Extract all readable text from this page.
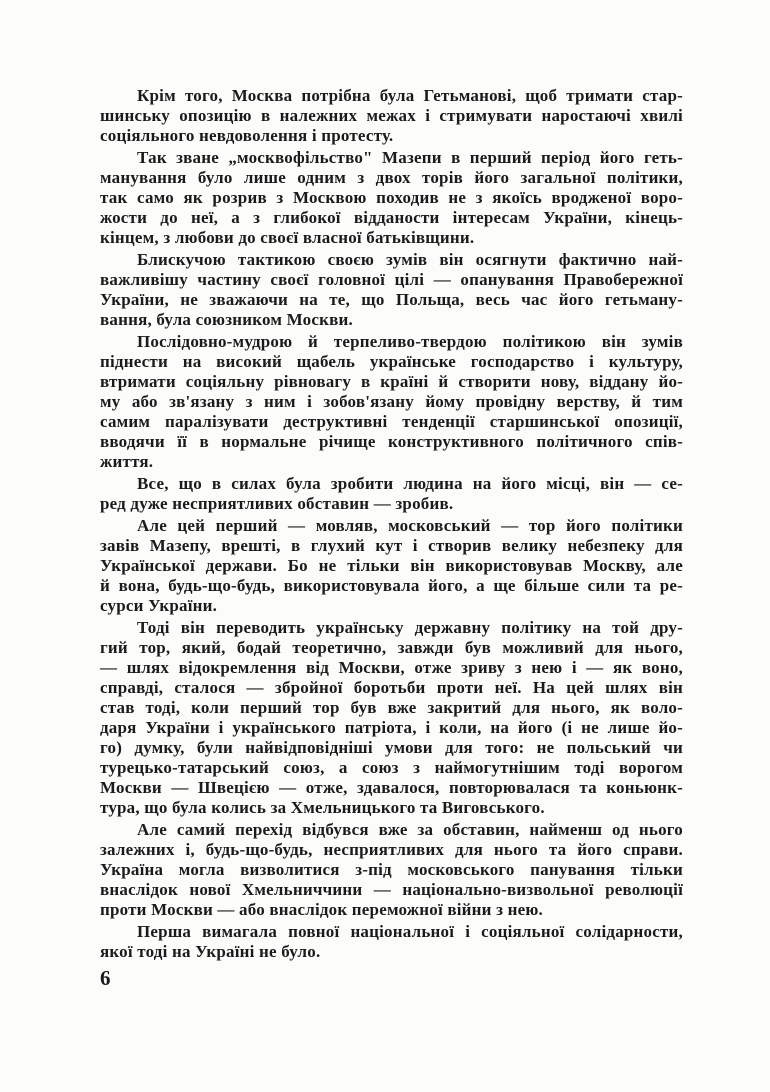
Крім того, Москва потрібна була Гетьманові, щоб тримати стар-
шинську опозицію в належних межах і стримувати наростаючі хвилі
соціяльного невдоволення і протесту.

Так зване „москвофільство" Мазепи в перший період його геть-
манування було лише одним з двох торів його загальної політики,
так само як розрив з Москвою походив не з якоїсь вродженої воро-
жости до неї, а з глибокої відданости інтересам України, кінець-
кінцем, з любови до своєї власної батьківщини.

Блискучою тактикою своєю зумів він осягнути фактично най-
важливішу частину своєї головної цілі — опанування Правобережної
України, не зважаючи на те, що Польща, весь час його гетьману-
вання, була союзником Москви.

Послідовно-мудрою й терпеливо-твердою політикою він зумів
піднести на високий щабель українське господарство і культуру,
втримати соціяльну рівновагу в країні й створити нову, віддану йо-
му або зв'язану з ним і зобов'язану йому провідну верству, й тим
самим паралізувати деструктивні тенденції старшинської опозиції,
вводячи її в нормальне річище конструктивного політичного спів-
життя.

Все, що в силах була зробити людина на його місці, він — се-
ред дуже несприятливих обставин — зробив.

Але цей перший — мовляв, московський — тор його політики
завів Мазепу, врешті, в глухий кут і створив велику небезпеку для
Української держави. Бо не тільки він використовував Москву, але
й вона, будь-що-будь, використовувала його, а ще більше сили та ре-
сурси України.

Тоді він переводить українську державну політику на той дру-
гий тор, який, бодай теоретично, завжди був можливий для нього,
— шлях відокремлення від Москви, отже зриву з нею і — як воно,
справді, сталося — збройної боротьби проти неї. На цей шлях він
став тоді, коли перший тор був вже закритий для нього, як воло-
даря України і українського патріота, і коли, на його (і не лише йо-
го) думку, були найвідповідніші умови для того: не польський чи
турецько-татарський союз, а союз з наймогутнішим тоді ворогом
Москви — Швецією — отже, здавалося, повторювалася та коньюнк-
тура, що була колись за Хмельницького та Виговського.

Але самий перехід відбувся вже за обставин, найменш од нього
залежних і, будь-що-будь, несприятливих для нього та його справи.
Україна могла визволитися з-під московського панування тільки
внаслідок нової Хмельниччини — національно-визвольної революції
проти Москви — або внаслідок переможної війни з нею.

Перша вимагала повної національної і соціяльної солідарности,
якої тоді на Україні не було.

6
